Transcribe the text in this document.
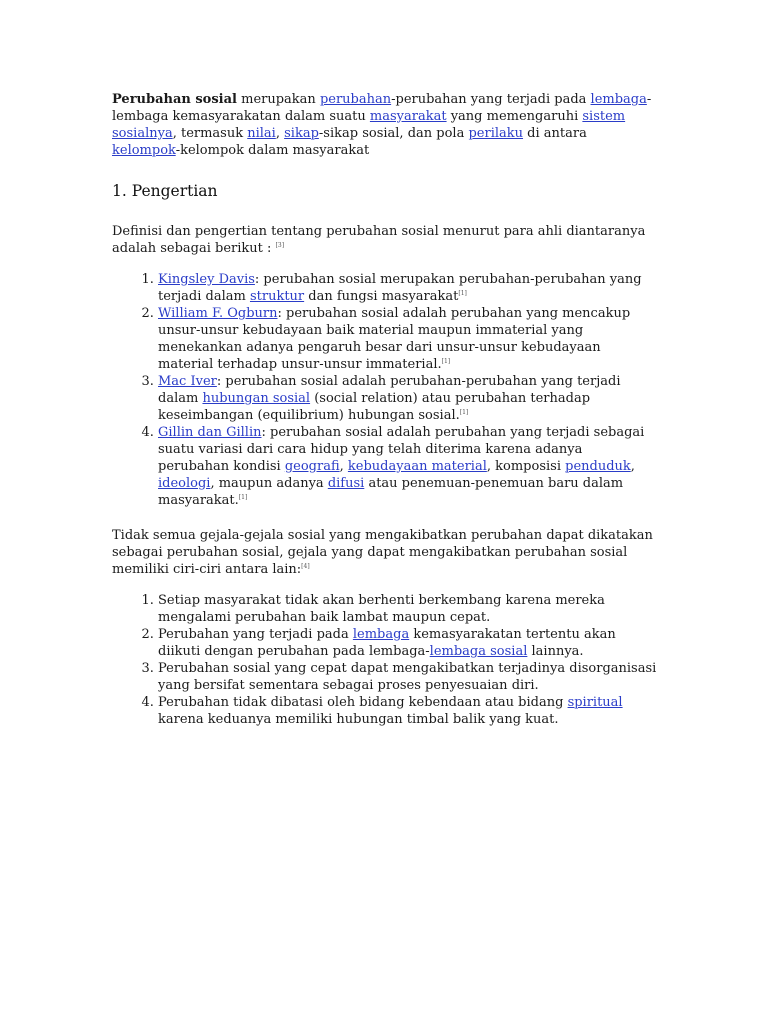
Perubahan sosial merupakan perubahan-perubahan yang terjadi pada lembaga-lembaga kemasyarakatan dalam suatu masyarakat yang memengaruhi sistem sosialnya, termasuk nilai, sikap-sikap sosial, dan pola perilaku di antara kelompok-kelompok dalam masyarakat

1. Pengertian

Definisi dan pengertian tentang perubahan sosial menurut para ahli diantaranya adalah sebagai berikut : [3]

1. Kingsley Davis: perubahan sosial merupakan perubahan-perubahan yang terjadi dalam struktur dan fungsi masyarakat[1]
2. William F. Ogburn: perubahan sosial adalah perubahan yang mencakup unsur-unsur kebudayaan baik material maupun immaterial yang menekankan adanya pengaruh besar dari unsur-unsur kebudayaan material terhadap unsur-unsur immaterial.[1]
3. Mac Iver: perubahan sosial adalah perubahan-perubahan yang terjadi dalam hubungan sosial (social relation) atau perubahan terhadap keseimbangan (equilibrium) hubungan sosial.[1]
4. Gillin dan Gillin: perubahan sosial adalah perubahan yang terjadi sebagai suatu variasi dari cara hidup yang telah diterima karena adanya perubahan kondisi geografi, kebudayaan material, komposisi penduduk, ideologi, maupun adanya difusi atau penemuan-penemuan baru dalam masyarakat.[1]

Tidak semua gejala-gejala sosial yang mengakibatkan perubahan dapat dikatakan sebagai perubahan sosial, gejala yang dapat mengakibatkan perubahan sosial memiliki ciri-ciri antara lain:[4]

1. Setiap masyarakat tidak akan berhenti berkembang karena mereka mengalami perubahan baik lambat maupun cepat.
2. Perubahan yang terjadi pada lembaga kemasyarakatan tertentu akan diikuti dengan perubahan pada lembaga-lembaga sosial lainnya.
3. Perubahan sosial yang cepat dapat mengakibatkan terjadinya disorganisasi yang bersifat sementara sebagai proses penyesuaian diri.
4. Perubahan tidak dibatasi oleh bidang kebendaan atau bidang spiritual karena keduanya memiliki hubungan timbal balik yang kuat.
